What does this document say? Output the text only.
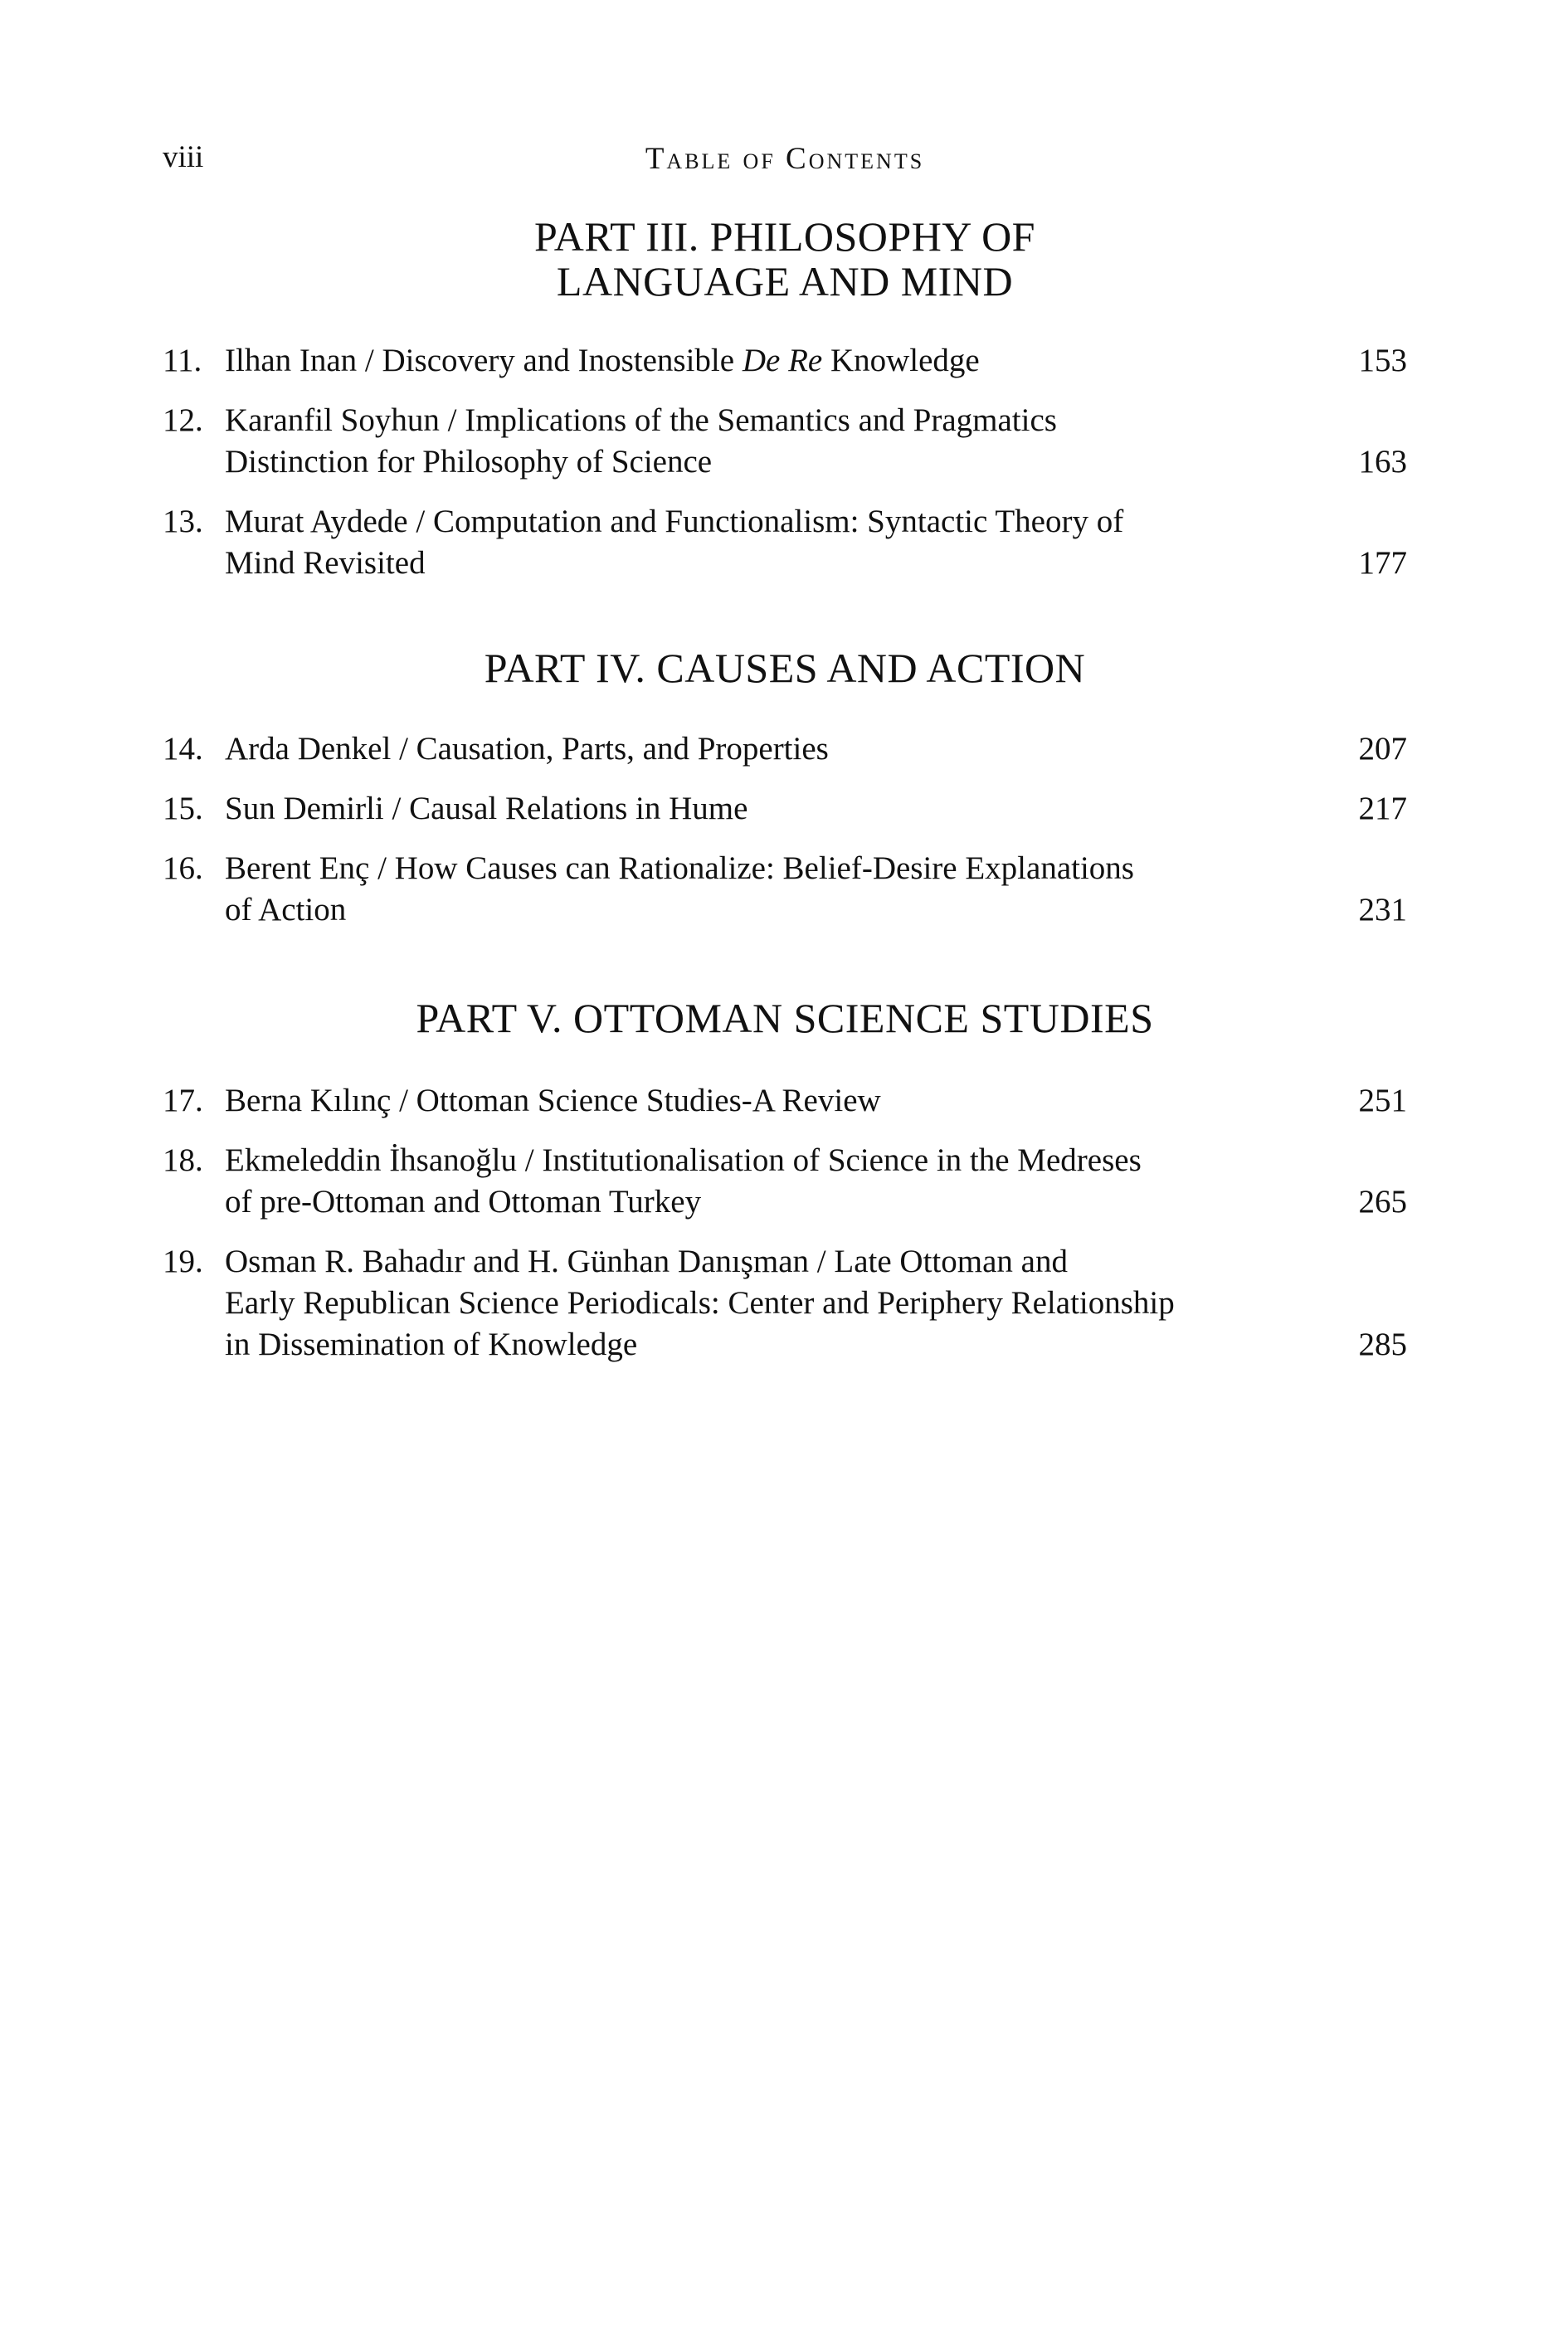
viii	Table of Contents
PART III. PHILOSOPHY OF
LANGUAGE AND MIND
11. Ilhan Inan / Discovery and Inostensible De Re Knowledge	153
12. Karanfil Soyhun / Implications of the Semantics and Pragmatics
Distinction for Philosophy of Science	163
13. Murat Aydede / Computation and Functionalism: Syntactic Theory of
Mind Revisited	177
PART IV. CAUSES AND ACTION
14. Arda Denkel / Causation, Parts, and Properties	207
15. Sun Demirli / Causal Relations in Hume	217
16. Berent Enç / How Causes can Rationalize: Belief-Desire Explanations
of Action	231
PART V. OTTOMAN SCIENCE STUDIES
17. Berna Kılınç / Ottoman Science Studies-A Review	251
18. Ekmeleddin İhsanoğlu / Institutionalisation of Science in the Medreses
of pre-Ottoman and Ottoman Turkey	265
19. Osman R. Bahadır and H. Günhan Danışman / Late Ottoman and
Early Republican Science Periodicals: Center and Periphery Relationship
in Dissemination of Knowledge	285
